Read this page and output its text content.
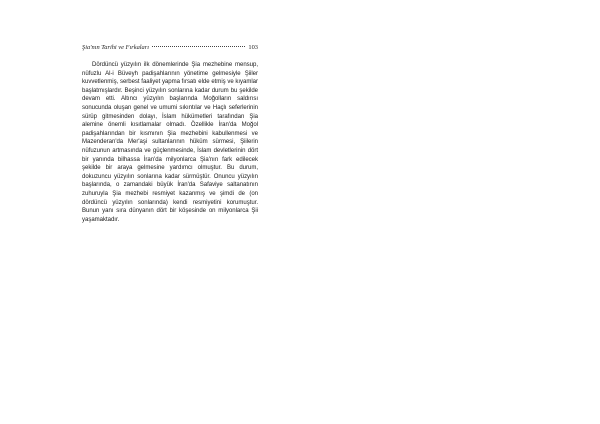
Şia'nın Tarihi ve Fırkaları	103

Dördüncü yüzyılın ilk dönemlerinde Şia mezhebine mensup, nüfuzlu Al-i Büveyh padişahlarının yönetime gelmesiyle Şiiler kuvvetlenmiş, serbest faaliyet yapma fırsatı elde etmiş ve kıyamlar başlatmışlardır. Beşinci yüzyılın sonlarına kadar durum bu şekilde devam etti. Altıncı yüzyılın başlarında Moğolların saldırısı sonucunda oluşan genel ve umumi sıkıntılar ve Haçlı seferlerinin sürüp gitmesinden dolayı, İslam hükümetleri tarafından Şia alemine önemli kısıtlamalar olmadı. Özellikle İran'da Moğol padişahlarından bir kısmının Şia mezhebini kabullenmesi ve Mazenderan'da Mer'aşi sultanlarının hüküm sürmesi, Şiilerin nüfuzunun artmasında ve güçlenmesinde, İslam devletlerinin dört bir yanında bilhassa İran'da milyonlarca Şia'nın fark edilecek şekilde bir araya gelmesine yardımcı olmuştur. Bu durum, dokuzuncu yüzyılın sonlarına kadar sürmüştür. Onuncu yüzyılın başlarında, o zamandaki büyük İran'da Safaviye saltanatının zuhuruyla Şia mezhebi resmiyet kazanmış ve şimdi de (on dördüncü yüzyılın sonlarında) kendi resmiyetini korumuştur. Bunun yanı sıra dünyanın dört bir köşesinde on milyonlarca Şii yaşamaktadır.
